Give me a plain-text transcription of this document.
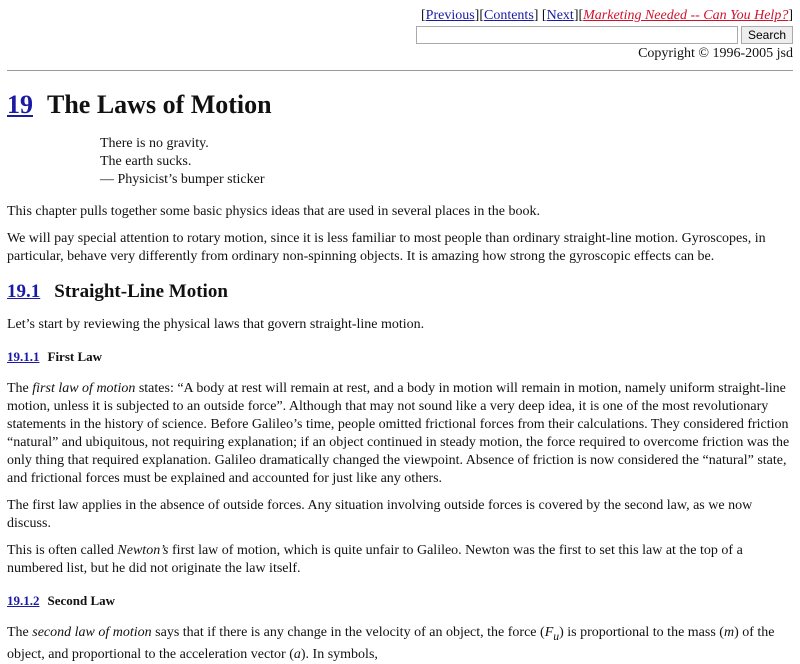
[Previous][Contents] [Next][Marketing Needed -- Can You Help?]
Search
Copyright © 1996-2005 jsd
19 The Laws of Motion
There is no gravity.
The earth sucks.
— Physicist’s bumper sticker

This chapter pulls together some basic physics ideas that are used in several places in the book.

We will pay special attention to rotary motion, since it is less familiar to most people than ordinary straight-line motion. Gyroscopes, in particular, behave very differently from ordinary non-spinning objects. It is amazing how strong the gyroscopic effects can be.

19.1 Straight-Line Motion

Let’s start by reviewing the physical laws that govern straight-line motion.

19.1.1 First Law

The first law of motion states: “A body at rest will remain at rest, and a body in motion will remain in motion, namely uniform straight-line motion, unless it is subjected to an outside force”. Although that may not sound like a very deep idea, it is one of the most revolutionary statements in the history of science. Before Galileo’s time, people omitted frictional forces from their calculations. They considered friction “natural” and ubiquitous, not requiring explanation; if an object continued in steady motion, the force required to overcome friction was the only thing that required explanation. Galileo dramatically changed the viewpoint. Absence of friction is now considered the “natural” state, and frictional forces must be explained and accounted for just like any others.

The first law applies in the absence of outside forces. Any situation involving outside forces is covered by the second law, as we now discuss.

This is often called Newton’s first law of motion, which is quite unfair to Galileo. Newton was the first to set this law at the top of a numbered list, but he did not originate the law itself.

19.1.2 Second Law

The second law of motion says that if there is any change in the velocity of an object, the force $(F_u)$ is proportional to the mass (m) of the object, and proportional to the acceleration vector (a). In symbols,
